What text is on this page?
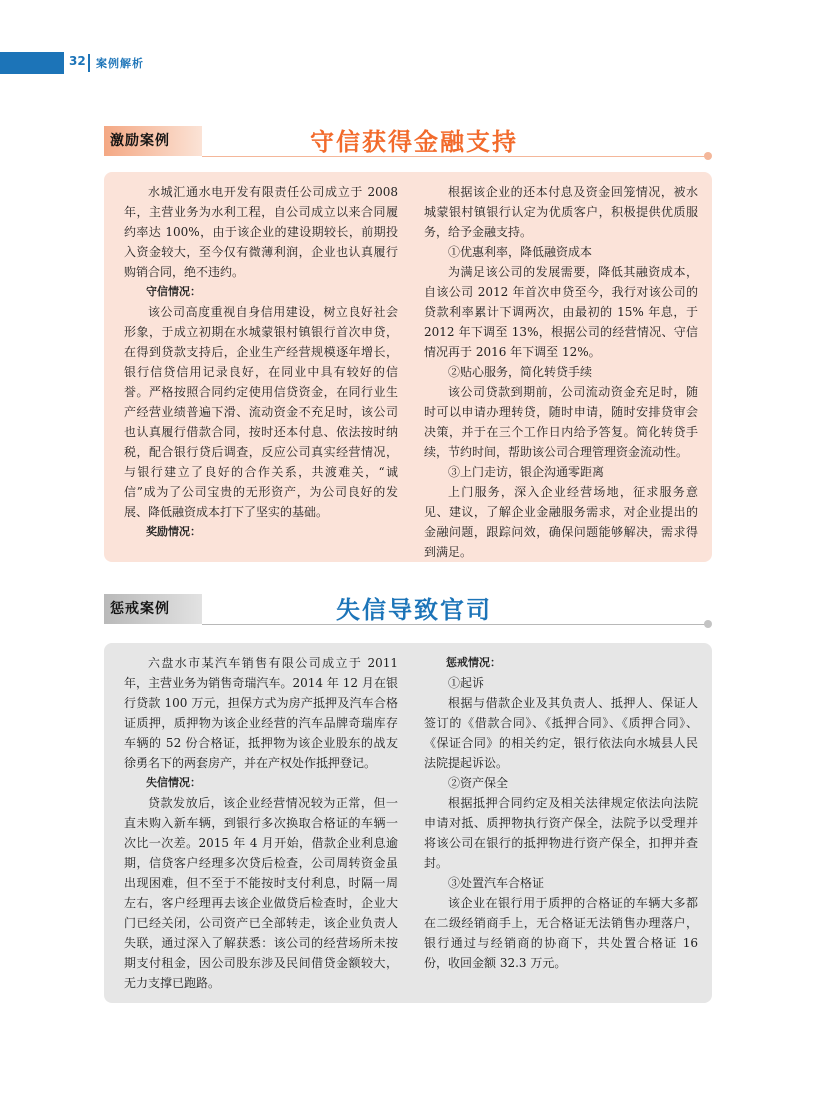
32 案例解析
激励案例	守信获得金融支持

水城汇通水电开发有限责任公司成立于 2008 年，主营业务为水利工程，自公司成立以来合同履约率达 100%，由于该企业的建设期较长，前期投入资金较大，至今仅有微薄利润，企业也认真履行购销合同，绝不违约。

守信情况：

该公司高度重视自身信用建设，树立良好社会形象，于成立初期在水城蒙银村镇银行首次申贷，在得到贷款支持后，企业生产经营规模逐年增长，银行信贷信用记录良好，在同业中具有较好的信誉。严格按照合同约定使用信贷资金，在同行业生产经营业绩普遍下滑、流动资金不充足时，该公司也认真履行借款合同，按时还本付息、依法按时纳税，配合银行贷后调查，反应公司真实经营情况，与银行建立了良好的合作关系，共渡难关，“诚信”成为了公司宝贵的无形资产，为公司良好的发展、降低融资成本打下了坚实的基础。

奖励情况：

根据该企业的还本付息及资金回笼情况，被水城蒙银村镇银行认定为优质客户，积极提供优质服务，给予金融支持。

①优惠利率，降低融资成本

为满足该公司的发展需要，降低其融资成本，自该公司 2012 年首次申贷至今，我行对该公司的贷款利率累计下调两次，由最初的 15% 年息，于 2012 年下调至 13%，根据公司的经营情况、守信情况再于 2016 年下调至 12%。

②贴心服务，简化转贷手续

该公司贷款到期前，公司流动资金充足时，随时可以申请办理转贷，随时申请，随时安排贷审会决策，并于在三个工作日内给予答复。简化转贷手续，节约时间，帮助该公司合理管理资金流动性。

③上门走访，银企沟通零距离

上门服务，深入企业经营场地，征求服务意见、建议，了解企业金融服务需求，对企业提出的金融问题，跟踪问效，确保问题能够解决，需求得到满足。

惩戒案例	失信导致官司

六盘水市某汽车销售有限公司成立于 2011 年，主营业务为销售奇瑞汽车。2014 年 12 月在银行贷款 100 万元，担保方式为房产抵押及汽车合格证质押，质押物为该企业经营的汽车品牌奇瑞库存车辆的 52 份合格证，抵押物为该企业股东的战友徐勇名下的两套房产，并在产权处作抵押登记。

失信情况：

贷款发放后，该企业经营情况较为正常，但一直未购入新车辆，到银行多次换取合格证的车辆一次比一次差。2015 年 4 月开始，借款企业利息逾期，信贷客户经理多次贷后检查，公司周转资金虽出现困难，但不至于不能按时支付利息，时隔一周左右，客户经理再去该企业做贷后检查时，企业大门已经关闭，公司资产已全部转走，该企业负责人失联，通过深入了解获悉：该公司的经营场所未按期支付租金，因公司股东涉及民间借贷金额较大，无力支撑已跑路。

惩戒情况：

①起诉

根据与借款企业及其负责人、抵押人、保证人签订的《借款合同》、《抵押合同》、《质押合同》、《保证合同》的相关约定，银行依法向水城县人民法院提起诉讼。

②资产保全

根据抵押合同约定及相关法律规定依法向法院申请对抵、质押物执行资产保全，法院予以受理并将该公司在银行的抵押物进行资产保全，扣押并查封。

③处置汽车合格证

该企业在银行用于质押的合格证的车辆大多都在二级经销商手上，无合格证无法销售办理落户，银行通过与经销商的协商下，共处置合格证 16 份，收回金额 32.3 万元。
